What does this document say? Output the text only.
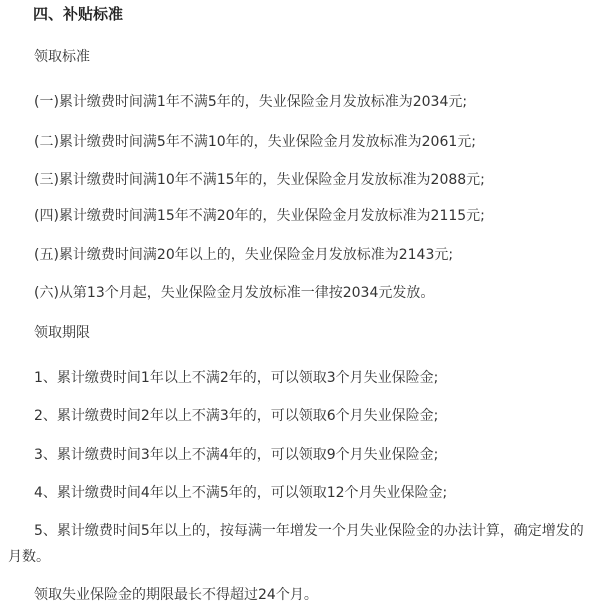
四、补贴标准
领取标准
(一)累计缴费时间满1年不满5年的，失业保险金月发放标准为2034元;
(二)累计缴费时间满5年不满10年的，失业保险金月发放标准为2061元;
(三)累计缴费时间满10年不满15年的，失业保险金月发放标准为2088元;
(四)累计缴费时间满15年不满20年的，失业保险金月发放标准为2115元;
(五)累计缴费时间满20年以上的，失业保险金月发放标准为2143元;
(六)从第13个月起，失业保险金月发放标准一律按2034元发放。
领取期限
1、累计缴费时间1年以上不满2年的，可以领取3个月失业保险金;
2、累计缴费时间2年以上不满3年的，可以领取6个月失业保险金;
3、累计缴费时间3年以上不满4年的，可以领取9个月失业保险金;
4、累计缴费时间4年以上不满5年的，可以领取12个月失业保险金;
5、累计缴费时间5年以上的，按每满一年增发一个月失业保险金的办法计算，确定增发的月数。
领取失业保险金的期限最长不得超过24个月。
